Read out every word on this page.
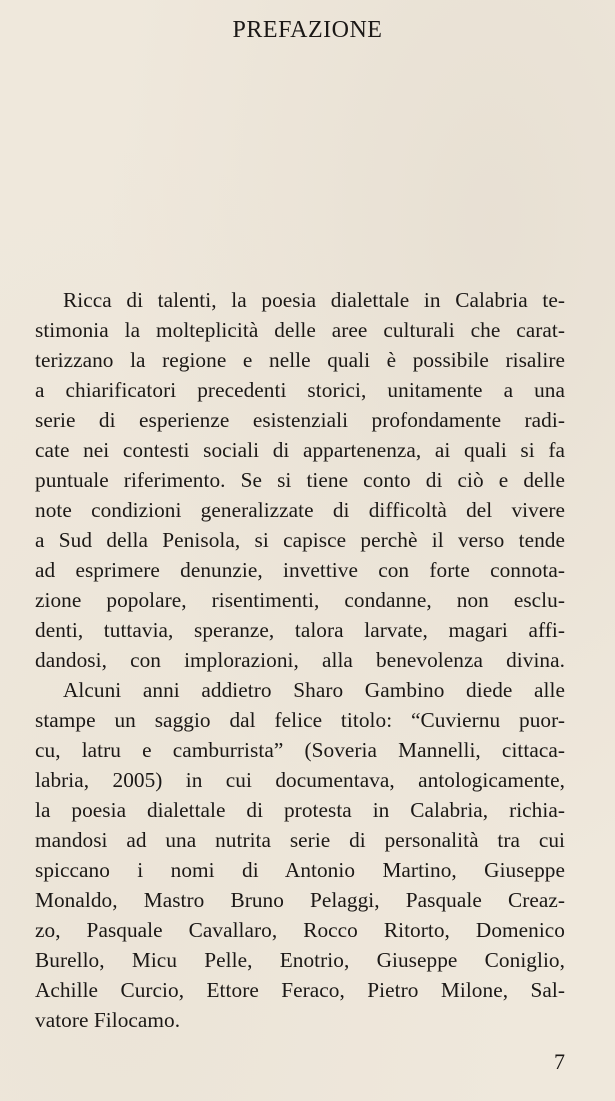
PREFAZIONE
Ricca di talenti, la poesia dialettale in Calabria te-
stimonia la molteplicità delle aree culturali che carat-
terizzano la regione e nelle quali è possibile risalire
a chiarificatori precedenti storici, unitamente a una
serie di esperienze esistenziali profondamente radi-
cate nei contesti sociali di appartenenza, ai quali si fa
puntuale riferimento. Se si tiene conto di ciò e delle
note condizioni generalizzate di difficoltà del vivere
a Sud della Penisola, si capisce perchè il verso tende
ad esprimere denunzie, invettive con forte connota-
zione popolare, risentimenti, condanne, non esclu-
denti, tuttavia, speranze, talora larvate, magari affi-
dandosi, con implorazioni, alla benevolenza divina.
Alcuni anni addietro Sharo Gambino diede alle
stampe un saggio dal felice titolo: “Cuviernu puor-
cu, latru e camburrista” (Soveria Mannelli, cittaca-
labria, 2005) in cui documentava, antologicamente,
la poesia dialettale di protesta in Calabria, richia-
mandosi ad una nutrita serie di personalità tra cui
spiccano i nomi di Antonio Martino, Giuseppe
Monaldo, Mastro Bruno Pelaggi, Pasquale Creaz-
zo, Pasquale Cavallaro, Rocco Ritorto, Domenico
Burello, Micu Pelle, Enotrio, Giuseppe Coniglio,
Achille Curcio, Ettore Feraco, Pietro Milone, Sal-
vatore Filocamo.
7
